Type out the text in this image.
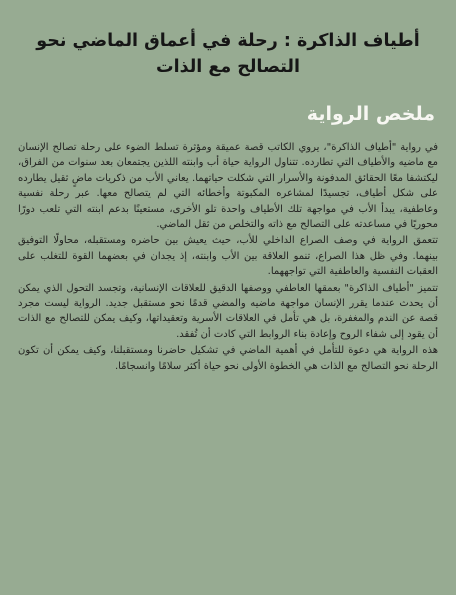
أطياف الذاكرة : رحلة في أعماق الماضي نحو التصالح مع الذات
ملخص الرواية

في رواية "أطياف الذاكرة"، يروي الكاتب قصة عميقة ومؤثرة تسلط الضوء على رحلة تصالح الإنسان مع ماضيه والأطياف التي تطارده. تتناول الرواية حياة أب وابنته اللذين يجتمعان بعد سنوات من الفراق، ليكتشفا معًا الحقائق المدفونة والأسرار التي شكلت حياتهما. يعاني الأب من ذكريات ماضٍ ثقيل يطارده على شكل أطياف، تجسيدًا لمشاعره المكبوتة وأخطائه التي لم يتصالح معها. عبر رحلة نفسية وعاطفية، يبدأ الأب في مواجهة تلك الأطياف واحدة تلو الأخرى، مستعينًا بدعم ابنته التي تلعب دورًا محوريًا في مساعدته على التصالح مع ذاته والتخلص من ثقل الماضي.

تتعمق الرواية في وصف الصراع الداخلي للأب، حيث يعيش بين حاضره ومستقبله، محاولًا التوفيق بينهما. وفي ظل هذا الصراع، تنمو العلاقة بين الأب وابنته، إذ يجدان في بعضهما القوة للتغلب على العقبات النفسية والعاطفية التي تواجههما.

تتميز "أطياف الذاكرة" بعمقها العاطفي ووصفها الدقيق للعلاقات الإنسانية، وتجسد التحول الذي يمكن أن يحدث عندما يقرر الإنسان مواجهة ماضيه والمضي قدمًا نحو مستقبل جديد. الرواية ليست مجرد قصة عن الندم والمغفرة، بل هي تأمل في العلاقات الأسرية وتعقيداتها، وكيف يمكن للتصالح مع الذات أن يقود إلى شفاء الروح وإعادة بناء الروابط التي كادت أن تُفقد.

هذه الرواية هي دعوة للتأمل في أهمية الماضي في تشكيل حاضرنا ومستقبلنا، وكيف يمكن أن تكون الرحلة نحو التصالح مع الذات هي الخطوة الأولى نحو حياة أكثر سلامًا وانسجامًا.
